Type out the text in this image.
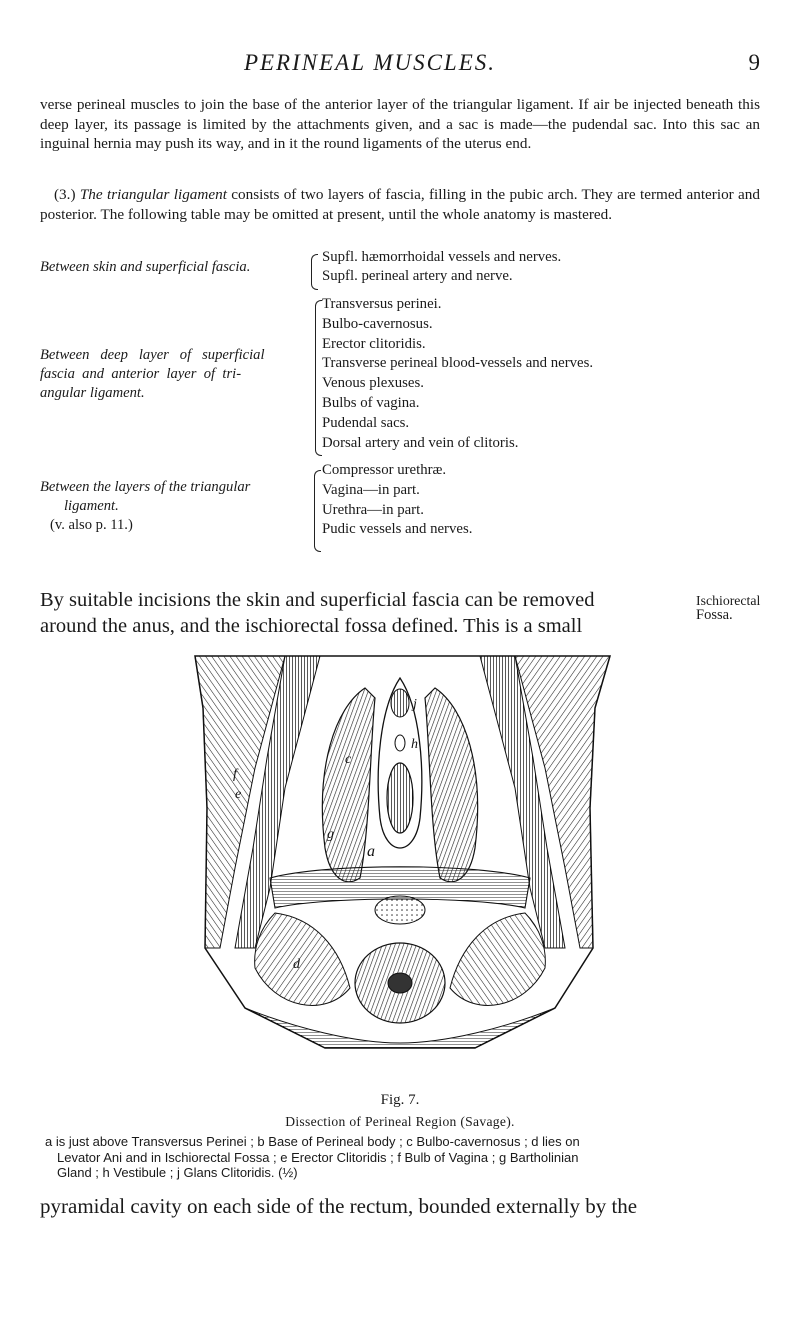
PERINEAL MUSCLES.	9
verse perineal muscles to join the base of the anterior layer of the triangular ligament. If air be injected beneath this deep layer, its passage is limited by the attachments given, and a sac is made—the pudendal sac. Into this sac an inguinal hernia may push its way, and in it the round ligaments of the uterus end.
(3.) The triangular ligament consists of two layers of fascia, filling in the pubic arch. They are termed anterior and posterior. The following table may be omitted at present, until the whole anatomy is mastered.
Between skin and superficial fascia.
Supfl. hæmorrhoidal vessels and nerves.
Supfl. perineal artery and nerve.
Between   deep   layer   of   superficial
fascia  and  anterior  layer  of  tri-
angular ligament.
Transversus perinei.
Bulbo-cavernosus.
Erector clitoridis.
Transverse perineal blood-vessels and nerves.
Venous plexuses.
Bulbs of vagina.
Pudendal sacs.
Dorsal artery and vein of clitoris.
Between the layers of the triangular
ligament.
(v. also p. 11.)
Compressor urethræ.
Vagina—in part.
Urethra—in part.
Pudic vessels and nerves.
By suitable incisions the skin and superficial fascia can be removed
around the anus, and the ischiorectal fossa defined. This is a small
Ischiorectal
Fossa.
a
c
d
e
f
g
h
j
Fig. 7.
Dissection of Perineal Region (Savage).
a is just above Transversus Perinei ; b Base of Perineal body ; c Bulbo-cavernosus ; d lies on
Levator Ani and in Ischiorectal Fossa ; e Erector Clitoridis ; f Bulb of Vagina ; g Bartholinian
Gland ; h Vestibule ; j Glans Clitoridis. (½)
pyramidal cavity on each side of the rectum, bounded externally by the
